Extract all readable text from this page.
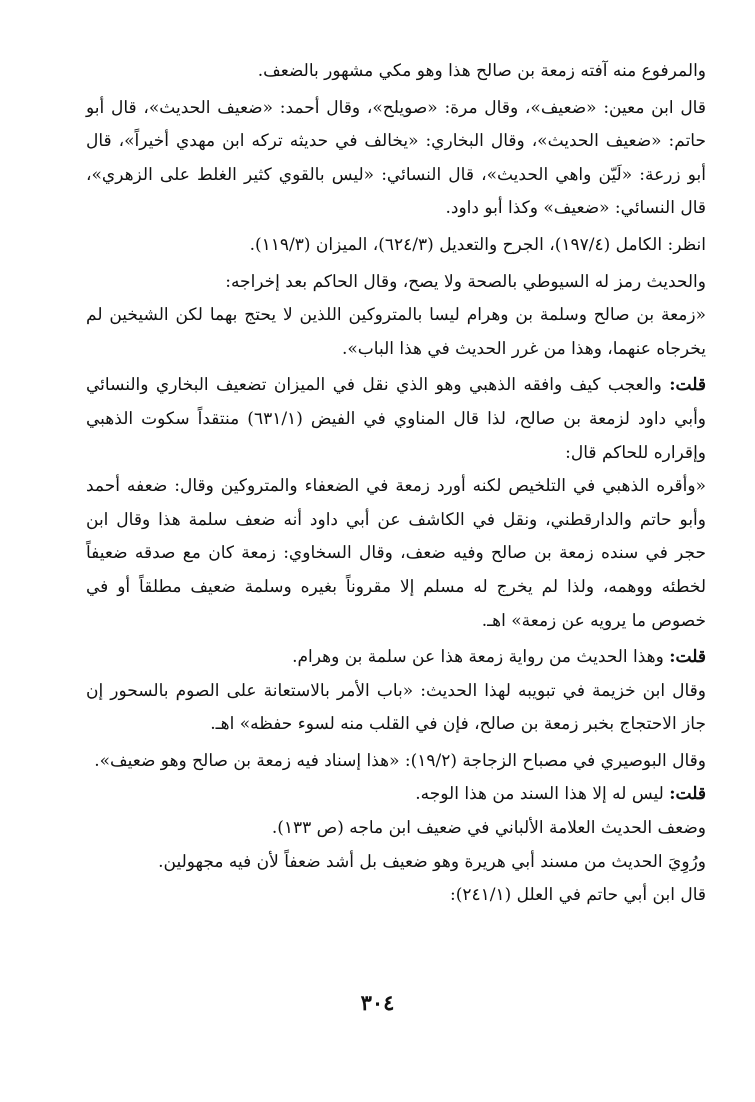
والمرفوع منه آفته زمعة بن صالح هذا وهو مكي مشهور بالضعف.

قال ابن معين: «ضعيف»، وقال مرة: «صويلح»، وقال أحمد: «ضعيف الحديث»، قال أبو حاتم: «ضعيف الحديث»، وقال البخاري: «يخالف في حديثه تركه ابن مهدي أخيراً»، قال أبو زرعة: «لَيّن واهي الحديث»، قال النسائي: «ليس بالقوي كثير الغلط على الزهري»، قال النسائي: «ضعيف» وكذا أبو داود.

انظر: الكامل (١٩٧/٤)، الجرح والتعديل (٦٢٤/٣)، الميزان (١١٩/٣).

والحديث رمز له السيوطي بالصحة ولا يصح، وقال الحاكم بعد إخراجه:

«زمعة بن صالح وسلمة بن وهرام ليسا بالمتروكين اللذين لا يحتج بهما لكن الشيخين لم يخرجاه عنهما، وهذا من غرر الحديث في هذا الباب».

قلت: والعجب كيف وافقه الذهبي وهو الذي نقل في الميزان تضعيف البخاري والنسائي وأبي داود لزمعة بن صالح، لذا قال المناوي في الفيض (٦٣١/١) منتقداً سكوت الذهبي وإقراره للحاكم قال:

«وأقره الذهبي في التلخيص لكنه أورد زمعة في الضعفاء والمتروكين وقال: ضعفه أحمد وأبو حاتم والدارقطني، ونقل في الكاشف عن أبي داود أنه ضعف سلمة هذا وقال ابن حجر في سنده زمعة بن صالح وفيه ضعف، وقال السخاوي: زمعة كان مع صدقه ضعيفاً لخطئه ووهمه، ولذا لم يخرج له مسلم إلا مقروناً بغيره وسلمة ضعيف مطلقاً أو في خصوص ما يرويه عن زمعة» اهـ.

قلت: وهذا الحديث من رواية زمعة هذا عن سلمة بن وهرام.

وقال ابن خزيمة في تبويبه لهذا الحديث: «باب الأمر بالاستعانة على الصوم بالسحور إن جاز الاحتجاج بخبر زمعة بن صالح، فإن في القلب منه لسوء حفظه» اهـ.

وقال البوصيري في مصباح الزجاجة (١٩/٢): «هذا إسناد فيه زمعة بن صالح وهو ضعيف».

قلت: ليس له إلا هذا السند من هذا الوجه.

وضعف الحديث العلامة الألباني في ضعيف ابن ماجه (ص ١٣٣).

ورُوِيَ الحديث من مسند أبي هريرة وهو ضعيف بل أشد ضعفاً لأن فيه مجهولين.

قال ابن أبي حاتم في العلل (٢٤١/١):

٣٠٤
